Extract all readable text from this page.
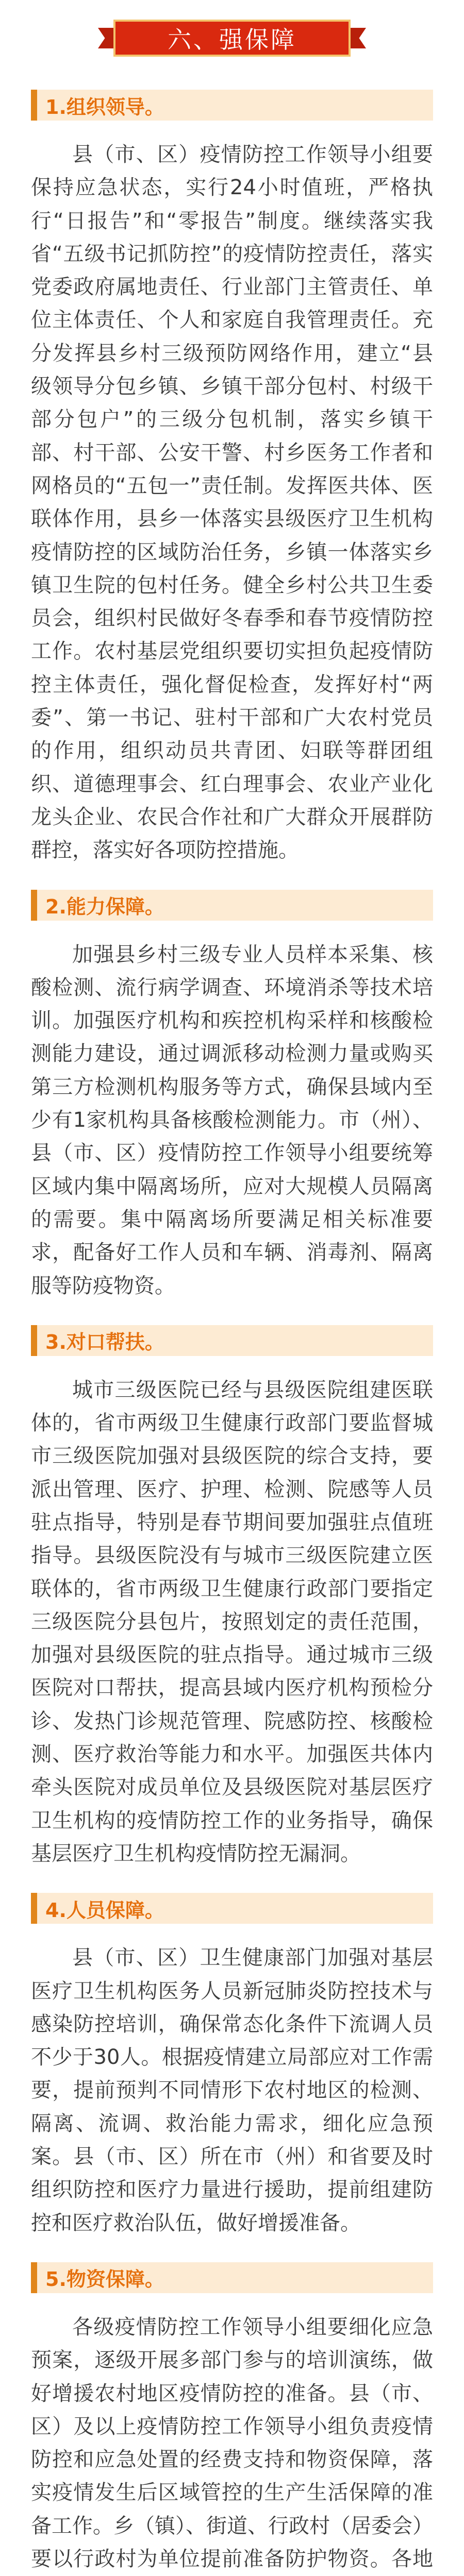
六、强保障
1.组织领导。

县（市、区）疫情防控工作领导小组要保持应急状态，实行24小时值班，严格执行“日报告”和“零报告”制度。继续落实我省“五级书记抓防控”的疫情防控责任，落实党委政府属地责任、行业部门主管责任、单位主体责任、个人和家庭自我管理责任。充分发挥县乡村三级预防网络作用，建立“县级领导分包乡镇、乡镇干部分包村、村级干部分包户”的三级分包机制，落实乡镇干部、村干部、公安干警、村乡医务工作者和网格员的“五包一”责任制。发挥医共体、医联体作用，县乡一体落实县级医疗卫生机构疫情防控的区域防治任务，乡镇一体落实乡镇卫生院的包村任务。健全乡村公共卫生委员会，组织村民做好冬春季和春节疫情防控工作。农村基层党组织要切实担负起疫情防控主体责任，强化督促检查，发挥好村“两委”、第一书记、驻村干部和广大农村党员的作用，组织动员共青团、妇联等群团组织、道德理事会、红白理事会、农业产业化龙头企业、农民合作社和广大群众开展群防群控，落实好各项防控措施。

2.能力保障。

加强县乡村三级专业人员样本采集、核酸检测、流行病学调查、环境消杀等技术培训。加强医疗机构和疾控机构采样和核酸检测能力建设，通过调派移动检测力量或购买第三方检测机构服务等方式，确保县域内至少有1家机构具备核酸检测能力。市（州）、县（市、区）疫情防控工作领导小组要统筹区域内集中隔离场所，应对大规模人员隔离的需要。集中隔离场所要满足相关标准要求，配备好工作人员和车辆、消毒剂、隔离服等防疫物资。

3.对口帮扶。

城市三级医院已经与县级医院组建医联体的，省市两级卫生健康行政部门要监督城市三级医院加强对县级医院的综合支持，要派出管理、医疗、护理、检测、院感等人员驻点指导，特别是春节期间要加强驻点值班指导。县级医院没有与城市三级医院建立医联体的，省市两级卫生健康行政部门要指定三级医院分县包片，按照划定的责任范围，加强对县级医院的驻点指导。通过城市三级医院对口帮扶，提高县域内医疗机构预检分诊、发热门诊规范管理、院感防控、核酸检测、医疗救治等能力和水平。加强医共体内牵头医院对成员单位及县级医院对基层医疗卫生机构的疫情防控工作的业务指导，确保基层医疗卫生机构疫情防控无漏洞。

4.人员保障。

县（市、区）卫生健康部门加强对基层医疗卫生机构医务人员新冠肺炎防控技术与感染防控培训，确保常态化条件下流调人员不少于30人。根据疫情建立局部应对工作需要，提前预判不同情形下农村地区的检测、隔离、流调、救治能力需求，细化应急预案。县（市、区）所在市（州）和省要及时组织防控和医疗力量进行援助，提前组建防控和医疗救治队伍，做好增援准备。

5.物资保障。

各级疫情防控工作领导小组要细化应急预案，逐级开展多部门参与的培训演练，做好增援农村地区疫情防控的准备。县（市、区）及以上疫情防控工作领导小组负责疫情防控和应急处置的经费支持和物资保障，落实疫情发生后区域管控的生产生活保障的准备工作。乡（镇）、街道、行政村（居委会）要以行政村为单位提前准备防护物资。各地
